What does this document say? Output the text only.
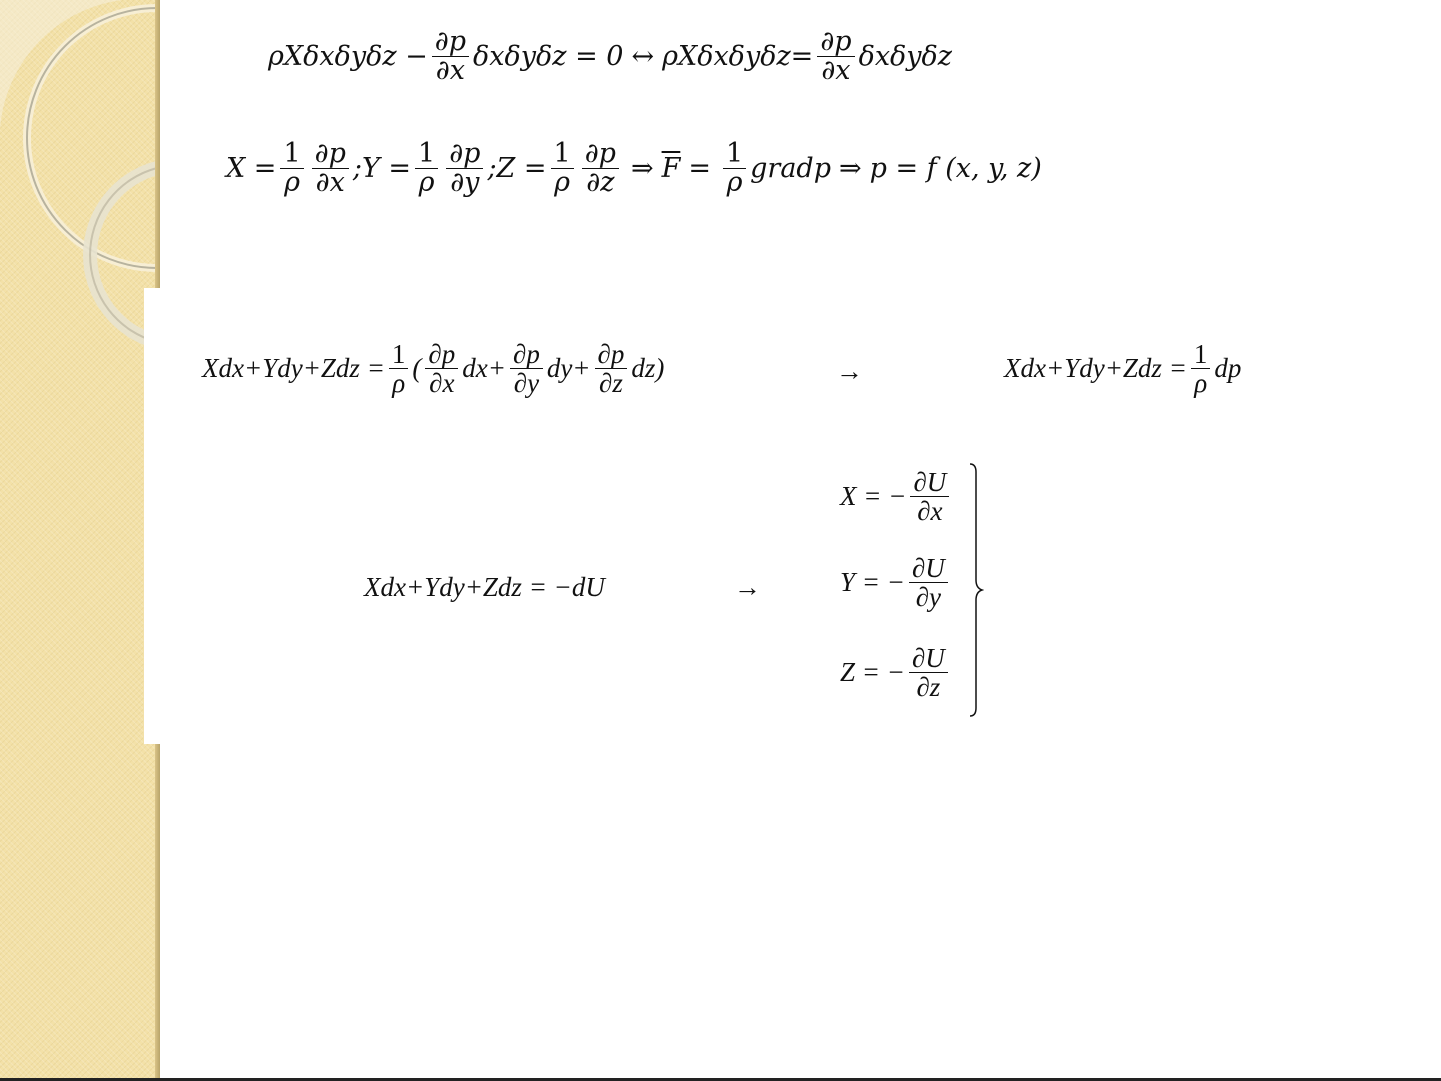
$\rho X\delta x\delta y\delta z - \frac{\partial p}{\partial x}$ δxδyδz = 0 ↔ $\rho X\delta x\delta y\delta z= \frac{\partial p}{\partial x}$ δxδyδz
$X = \frac{1}{\rho} \frac{\partial p}{\partial x}$ ;Y = $\frac{1}{\rho} \frac{\partial p}{\partial y}$ ;Z = $\frac{1}{\rho} \frac{\partial p}{\partial z}$ ⇒ $\overline{F} = \frac{1}{\rho}$ gradp ⇒ p = f (x, y, z)
$Xdx+Ydy+Zdz = \frac{1}{\rho}$ ( $\frac{\partial p}{\partial x} dx+ \frac{\partial p}{\partial y} dy+ \frac{\partial p}{\partial z} dz$)	→	$Xdx+Ydy+Zdz = \frac{1}{\rho}$ dp
Xdx+Ydy+Zdz = −dU	→
X = − $\frac{\partial U}{\partial x}$
Y = − $\frac{\partial U}{\partial y}$
Z = − $\frac{\partial U}{\partial z}$
